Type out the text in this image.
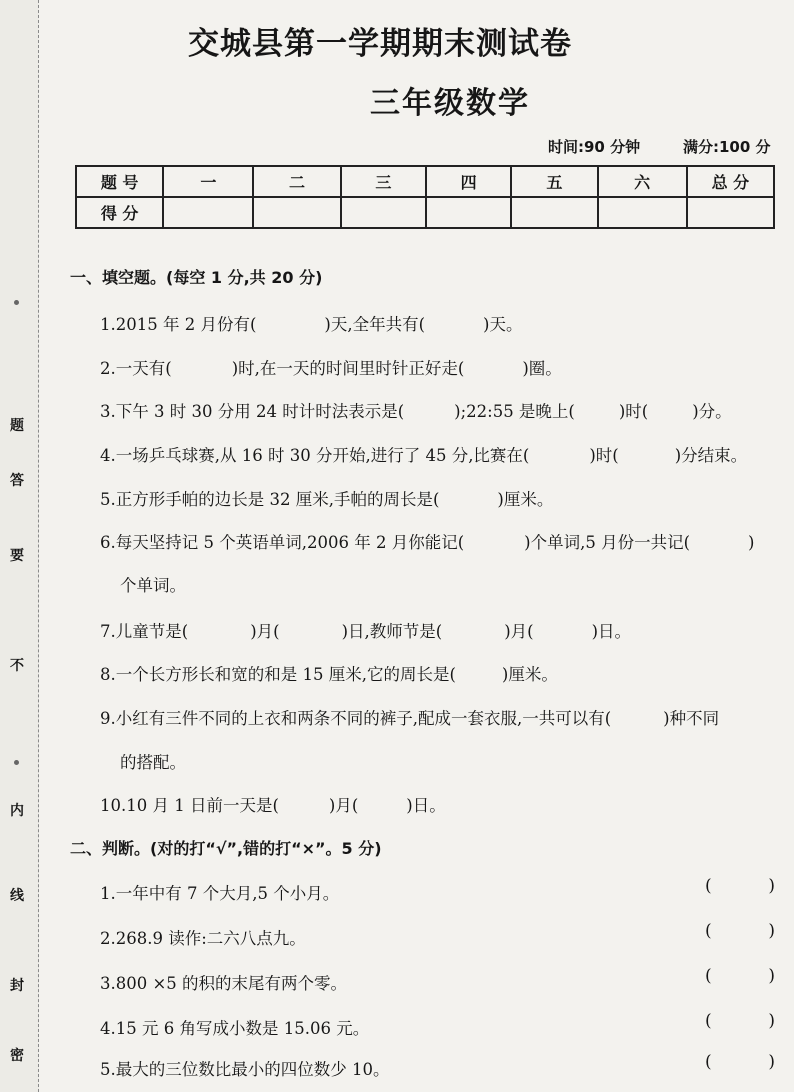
密
封
线
内
不
要
答
题
交城县第一学期期末测试卷
三年级数学
时间:90 分钟	满分:100 分
题 号	一	二	三	四	五	六	总 分
得 分							
一、填空题。(每空 1 分,共 20 分)
1.2015 年 2 月份有(	)天,全年共有(	)天。
2.一天有(	)时,在一天的时间里时针正好走(	)圈。
3.下午 3 时 30 分用 24 时计时法表示是(	);22:55 是晚上(	)时(	)分。
4.一场乒乓球赛,从 16 时 30 分开始,进行了 45 分,比赛在(	)时(	)分结束。
5.正方形手帕的边长是 32 厘米,手帕的周长是(	)厘米。
6.每天坚持记 5 个英语单词,2006 年 2 月你能记(	)个单词,5 月份一共记(	)
个单词。
7.儿童节是(	)月(	)日,教师节是(	)月(	)日。
8.一个长方形长和宽的和是 15 厘米,它的周长是(	)厘米。
9.小红有三件不同的上衣和两条不同的裤子,配成一套衣服,一共可以有(	)种不同
的搭配。
10.10 月 1 日前一天是(	)月(	)日。
二、判断。(对的打“√”,错的打“×”。5 分)
1.一年中有 7 个大月,5 个小月。	(	)
2.268.9 读作:二六八点九。	(	)
3.800 ×5 的积的末尾有两个零。	(	)
4.15 元 6 角写成小数是 15.06 元。	(	)
5.最大的三位数比最小的四位数少 10。	(	)
